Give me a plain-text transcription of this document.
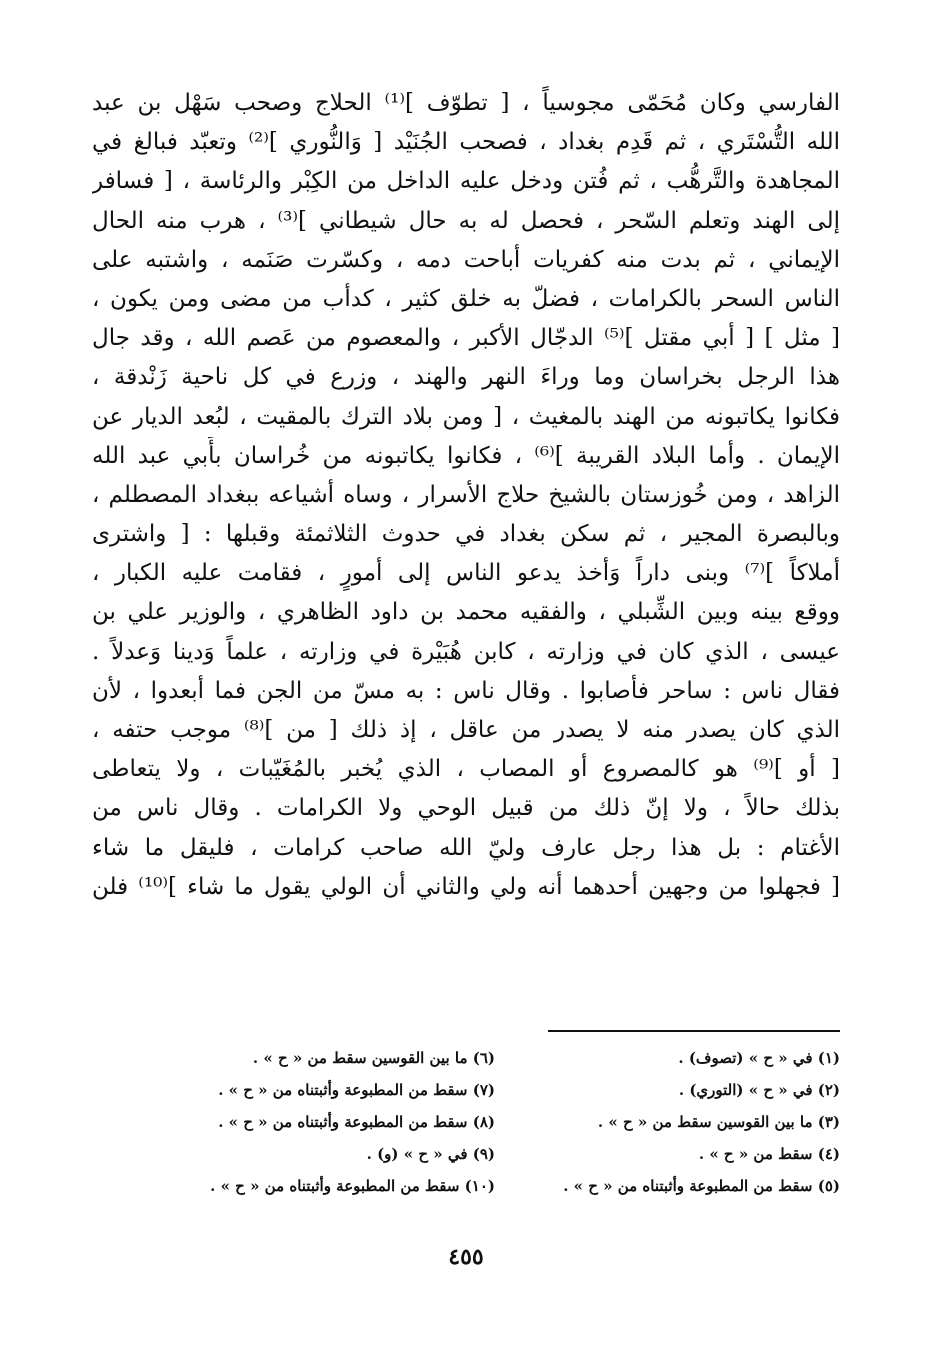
الفارسي وكان مُحَمّى مجوسياً ، [ تطوّف ]⁽¹⁾ الحلاج وصحب سَهْل بن عبد
الله التُّسْتَري ، ثم قَدِم بغداد ، فصحب الجُنَيْد [ وَالنُّوري ]⁽²⁾ وتعبّد فبالغ في
المجاهدة والتَّرهُّب ، ثم فُتن ودخل عليه الداخل من الكِبْر والرئاسة ، [ فسافر
إلى الهند وتعلم السّحر ، فحصل له به حال شيطاني ]⁽³⁾ ، هرب منه الحال
الإيماني ، ثم بدت منه كفريات أباحت دمه ، وكسّرت صَنَمه ، واشتبه على
الناس السحر بالكرامات ، فضلّ به خلق كثير ، كدأب من مضى ومن يكون ،
[ مثل ] [ أبي مقتل ]⁽⁵⁾ الدجّال الأكبر ، والمعصوم من عَصم الله ، وقد جال
هذا الرجل بخراسان وما وراءَ النهر والهند ، وزرع في كل ناحية زَنْدقة ،
فكانوا يكاتبونه من الهند بالمغيث ، [ ومن بلاد الترك بالمقيت ، لبُعد الديار عن
الإيمان . وأما البلاد القريبة ]⁽⁶⁾ ، فكانوا يكاتبونه من خُراسان بأَبي عبد الله
الزاهد ، ومن خُوزستان بالشيخ حلاج الأسرار ، وساه أشياعه ببغداد المصطلم ،
وبالبصرة المجير ، ثم سكن بغداد في حدوث الثلاثمئة وقبلها : [ واشترى
أملاكاً ]⁽⁷⁾ وبنى داراً وَأخذ يدعو الناس إلى أمورٍ ، فقامت عليه الكبار ،
ووقع بينه وبين الشِّبلي ، والفقيه محمد بن داود الظاهري ، والوزير علي بن
عيسى ، الذي كان في وزارته ، كابن هُبَيْرة في وزارته ، علماً وَدينا وَعدلاً .
فقال ناس : ساحر فأصابوا . وقال ناس : به مسّ من الجن فما أبعدوا ، لأن
الذي كان يصدر منه لا يصدر من عاقل ، إذ ذلك [ من ]⁽⁸⁾ موجب حتفه ،
[ أو ]⁽⁹⁾ هو كالمصروع أو المصاب ، الذي يُخبر بالمُغَيّبات ، ولا يتعاطى
بذلك حالاً ، ولا إنّ ذلك من قبيل الوحي ولا الكرامات . وقال ناس من
الأغتام : بل هذا رجل عارف وليّ الله صاحب كرامات ، فليقل ما شاء
[ فجهلوا من وجهين أحدهما أنه ولي والثاني أن الولي يقول ما شاء ]⁽¹⁰⁾ فلن
(١) في « ح » (تصوف) .
(٦) ما بين القوسين سقط من « ح » .
(٢) في « ح » (التوري) .
(٧) سقط من المطبوعة وأثبتناه من « ح » .
(٣) ما بين القوسين سقط من « ح » .
(٨) سقط من المطبوعة وأثبتناه من « ح » .
(٤) سقط من « ح » .
(٩) في « ح » (و) .
(٥) سقط من المطبوعة وأثبتناه من « ح » .
(١٠) سقط من المطبوعة وأثبتناه من « ح » .
٤٥٥
